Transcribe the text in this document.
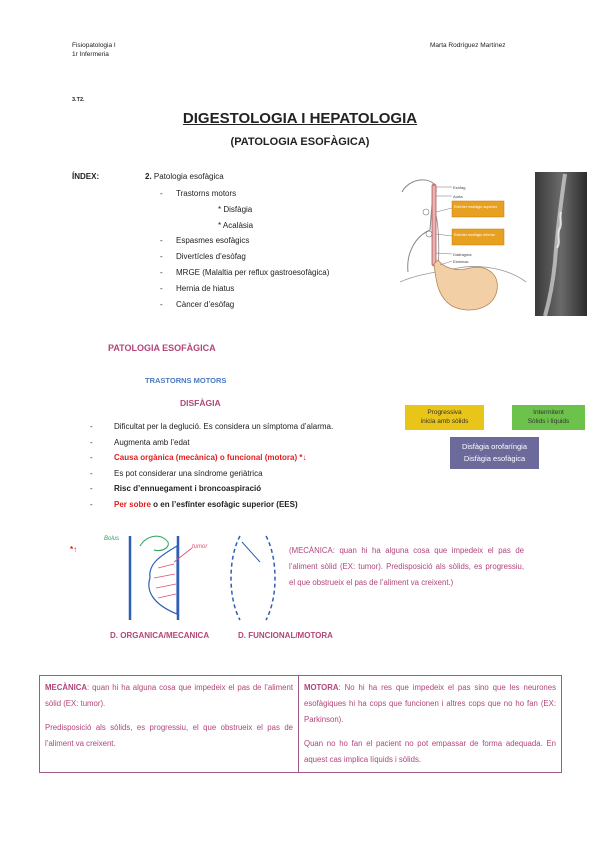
Fisiopatologia I
1r Infermeria
Marta Rodríguez Martínez
3.T2.
DIGESTOLOGIA I HEPATOLOGIA
(PATOLOGIA ESOFÀGICA)
ÍNDEX:	2. Patologia esofàgica
- Trastorns motors
* Disfàgia
* Acalàsia
- Espasmes esofàgics
- Divertícles d’esòfag
- MRGE (Malaltia per reflux gastroesofàgica)
- Hernia de hiatus
- Càncer d’esòfag
Esòfag
Aorta
Esfínter esofàgic superior
Esfínter esofàgic inferior
Diafragma
Estómac
PATOLOGIA ESOFÀGICA
TRASTORNS MOTORS
DISFÀGIA
-	Dificultat per la deglució. Es considera un símptoma d’alarma.
-	Augmenta amb l’edat
-	Causa orgànica (mecànica) o funcional (motora) *↓
-	Es pot considerar una síndrome geriàtrica
-	Risc d’ennuegament i broncoaspiració
-	Per sobre o en l’esfínter esofàgic superior (EES)
Progressiva
inicia amb sòlids
Intermitent
Sòlids i líquids
Disfàgia orofaríngia
Disfàgia esofàgica
*↑
Bolus
tumor	(MECÀNICA: quan hi ha alguna cosa que impedeix el pas de l’aliment sòlid (EX: tumor). Predisposició als sòlids, es progressiu, el que obstrueix el pas de l’aliment va creixent.)
D. ORGANICA/MECANICA	D. FUNCIONAL/MOTORA

MECÀNICA: quan hi ha alguna cosa que impedeix el pas de l’aliment sòlid (EX: tumor).

Predisposició als sòlids, es progressiu, el que obstrueix el pas de l’aliment va creixent.

MOTORA: No hi ha res que impedeix el pas sino que les neurones esofàgiques hi ha cops que funcionen i altres cops que no ho fan (EX: Parkinson).

Quan no ho fan el pacient no pot empassar de forma adequada. En aquest cas implica líquids i sòlids.
